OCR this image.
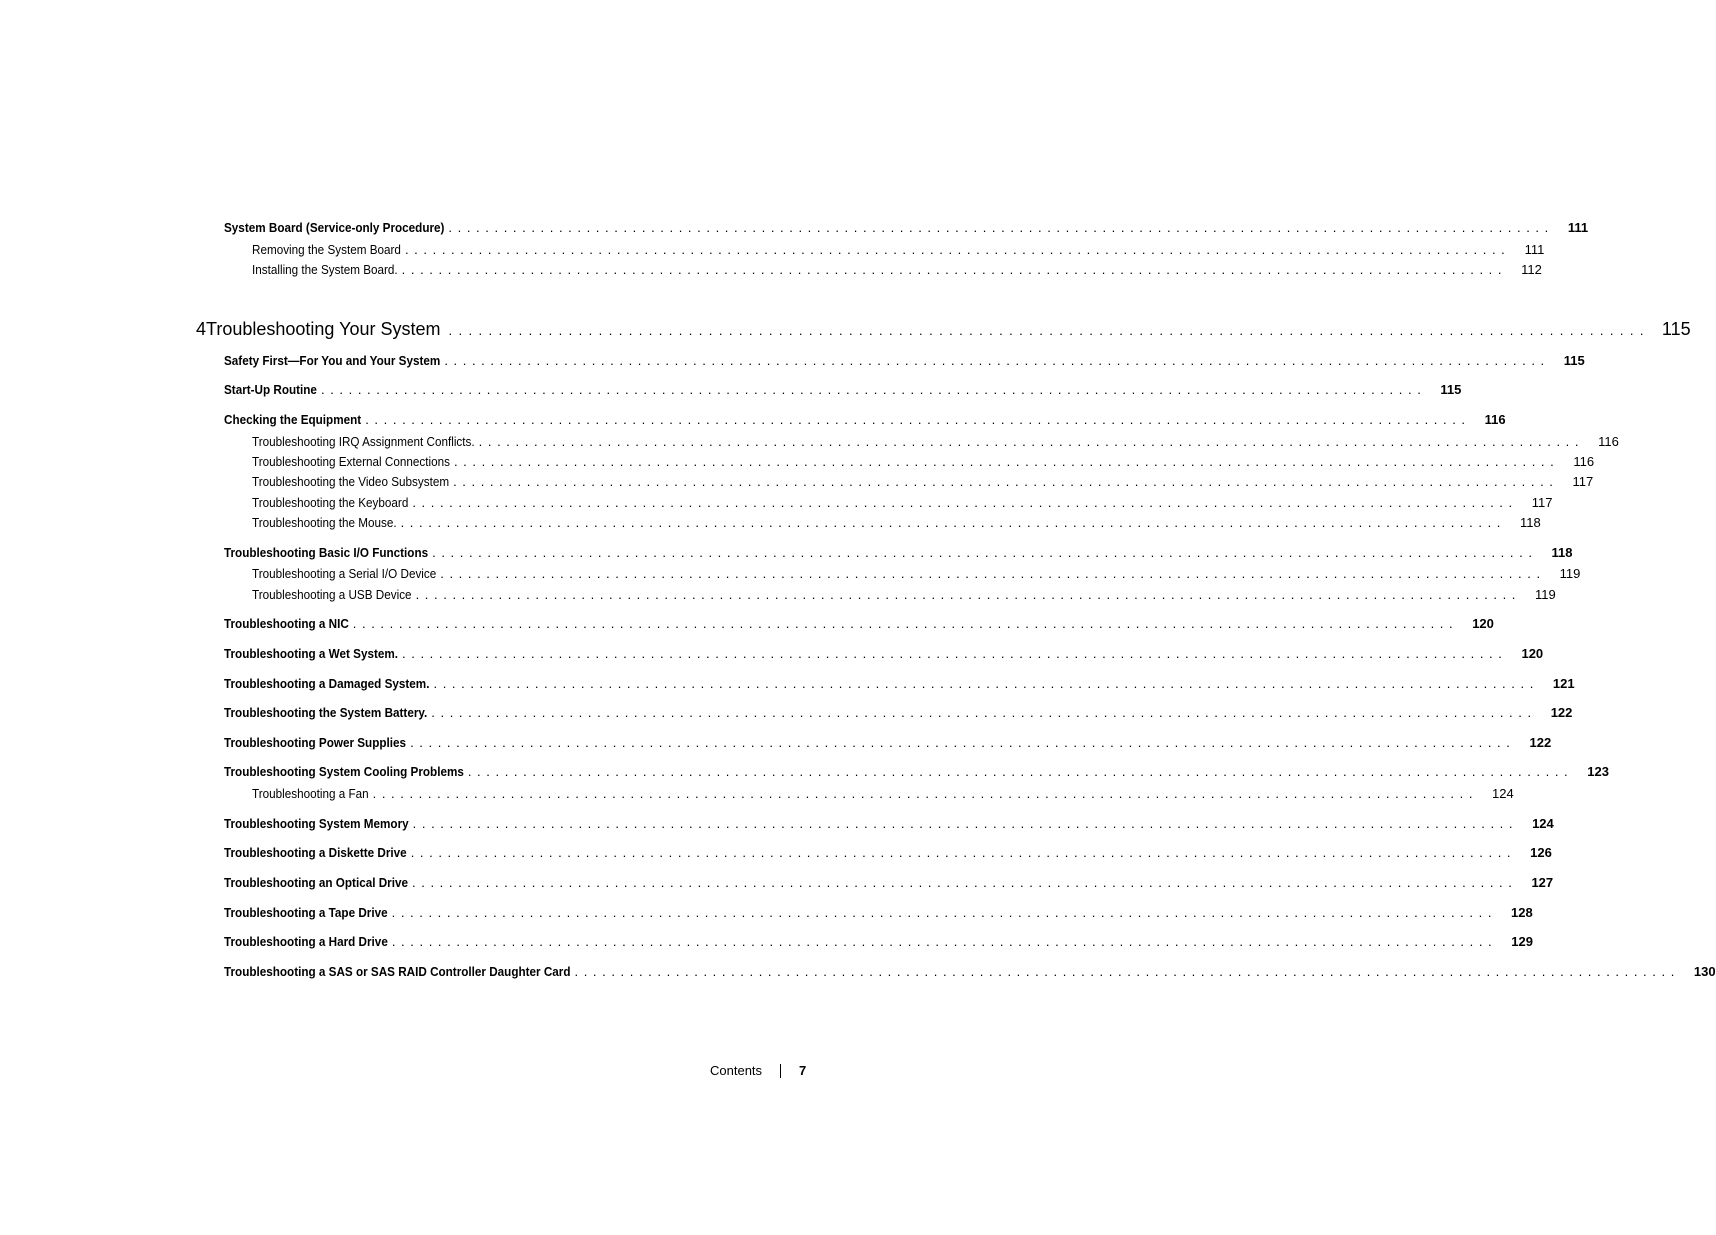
System Board (Service-only Procedure) ........................................................................................................................ 111
Removing the System Board ........................................................................................................................ 111
Installing the System Board. ........................................................................................................................ 112
4 Troubleshooting Your System ........................................................................................................................ 115
Safety First—For You and Your System ........................................................................................................................ 115
Start-Up Routine ........................................................................................................................ 115
Checking the Equipment ........................................................................................................................ 116
Troubleshooting IRQ Assignment Conflicts. ........................................................................................................................ 116
Troubleshooting External Connections ........................................................................................................................ 116
Troubleshooting the Video Subsystem ........................................................................................................................ 117
Troubleshooting the Keyboard ........................................................................................................................ 117
Troubleshooting the Mouse. ........................................................................................................................ 118
Troubleshooting Basic I/O Functions ........................................................................................................................ 118
Troubleshooting a Serial I/O Device ........................................................................................................................ 119
Troubleshooting a USB Device ........................................................................................................................ 119
Troubleshooting a NIC ........................................................................................................................ 120
Troubleshooting a Wet System. ........................................................................................................................ 120
Troubleshooting a Damaged System. ........................................................................................................................ 121
Troubleshooting the System Battery. ........................................................................................................................ 122
Troubleshooting Power Supplies ........................................................................................................................ 122
Troubleshooting System Cooling Problems ........................................................................................................................ 123
Troubleshooting a Fan ........................................................................................................................ 124
Troubleshooting System Memory ........................................................................................................................ 124
Troubleshooting a Diskette Drive ........................................................................................................................ 126
Troubleshooting an Optical Drive ........................................................................................................................ 127
Troubleshooting a Tape Drive ........................................................................................................................ 128
Troubleshooting a Hard Drive ........................................................................................................................ 129
Troubleshooting a SAS or SAS RAID Controller Daughter Card ........................................................................................................................ 130
Contents	7
